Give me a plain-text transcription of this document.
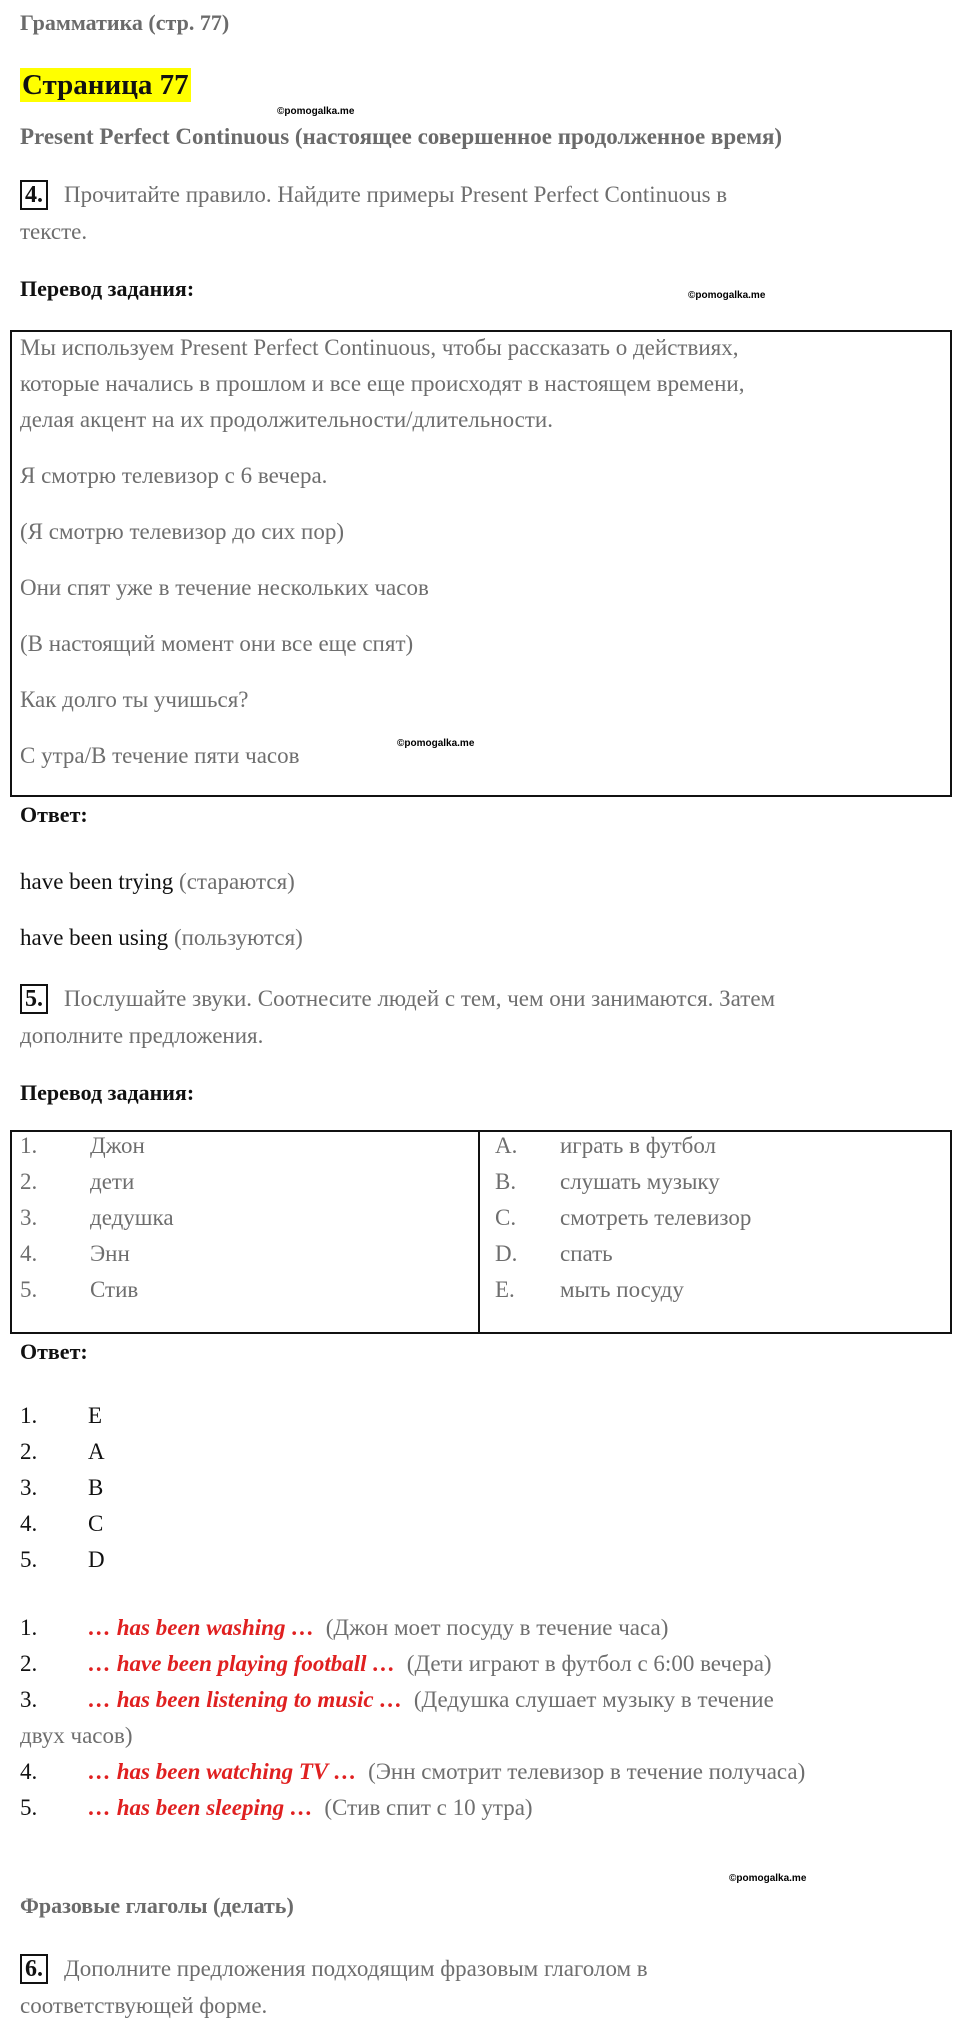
Грамматика (стр. 77)
Страница 77
©pomogalka.me
Present Perfect Continuous (настоящее совершенное продолженное время)
4. Прочитайте правило. Найдите примеры Present Perfect Continuous в
тексте.
Перевод задания:	©pomogalka.me
Мы используем Present Perfect Continuous, чтобы рассказать о действиях,
которые начались в прошлом и все еще происходят в настоящем времени,
делая акцент на их продолжительности/длительности.
Я смотрю телевизор с 6 вечера.
(Я смотрю телевизор до сих пор)
Они спят уже в течение нескольких часов
(В настоящий момент они все еще спят)
Как долго ты учишься?
С утра/В течение пяти часов	©pomogalka.me
Ответ:
have been trying (стараются)
have been using (пользуются)
5. Послушайте звуки. Соотнесите людей с тем, чем они занимаются. Затем
дополните предложения.
Перевод задания:
1. Джон
2. дети
3. дедушка
4. Энн
5. Стив
A. играть в футбол
B. слушать музыку
C. смотреть телевизор
D. спать
E. мыть посуду
Ответ:
1. E
2. A
3. B
4. C
5. D
1. … has been washing … (Джон моет посуду в течение часа)
2. … have been playing football … (Дети играют в футбол с 6:00 вечера)
3. … has been listening to music … (Дедушка слушает музыку в течение
двух часов)
4. … has been watching TV … (Энн смотрит телевизор в течение получаса)
5. … has been sleeping … (Стив спит с 10 утра)
©pomogalka.me
Фразовые глаголы (делать)
6. Дополните предложения подходящим фразовым глаголом в
соответствующей форме.
